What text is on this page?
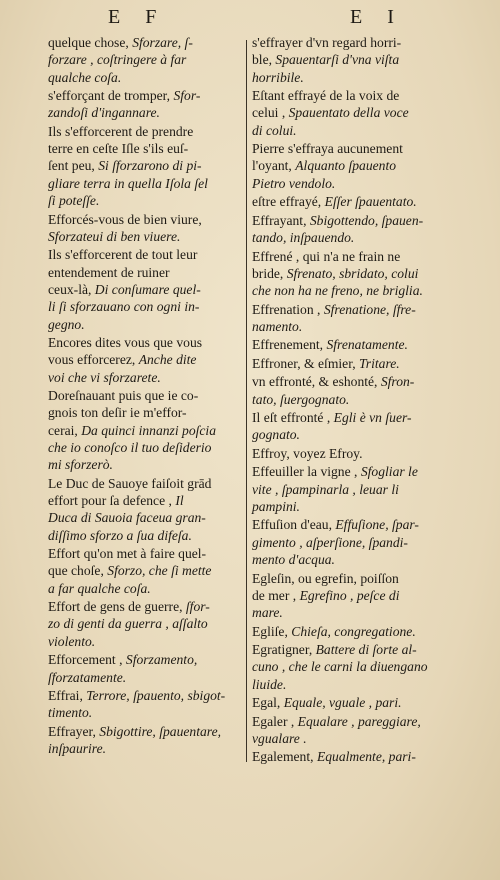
E F	E I
quelque chose, Sforzare, ſ-
forzare , coſtringere à far
qualche coſa.
s'efforçant de tromper, Sfor-
zandoſi d'ingannare.
Ils s'efforcerent de prendre
terre en ceſte Iſle s'ils euſ-
ſent peu, Si ſforzarono di pi-
gliare terra in quella Iſola ſel
ſi poteſſe.
Efforcés-vous de bien viure,
Sforzateui di ben viuere.
Ils s'efforcerent de tout leur
entendement de ruiner
ceux-là, Di conſumare quel-
li ſi sforzauano con ogni in-
gegno.
Encores dites vous que vous
vous efforcerez, Anche dite
voi che vi sforzarete.
Doreſnauant puis que ie co-
gnois ton deſir ie m'effor-
cerai, Da quinci innanzi poſcia
che io conoſco il tuo deſiderio
mi sforzerò.
Le Duc de Sauoye faiſoit grād
effort pour ſa defence , Il
Duca di Sauoia faceua gran-
diſſimo sforzo a ſua difeſa.
Effort qu'on met à faire quel-
que choſe, Sforzo, che ſi mette
a far qualche coſa.
Effort de gens de guerre, ſfor-
zo di genti da guerra , aſſalto
violento.
Efforcement , Sforzamento,
ſforzatamente.
Effrai, Terrore, ſpauento, sbigot-
timento.
Effrayer, Sbigottire, ſpauentare,
inſpaurire.
s'effrayer d'vn regard horri-
ble, Spauentarſi d'vna viſta
horribile.
Eſtant effrayé de la voix de
celui , Spauentato della voce
di colui.
Pierre s'effraya aucunement
l'oyant, Alquanto ſpauento
Pietro vendolo.
eſtre effrayé, Eſſer ſpauentato.
Effrayant, Sbigottendo, ſpauen-
tando, inſpauendo.
Effrené , qui n'a ne frain ne
bride, Sfrenato, sbridato, colui
che non ha ne freno, ne briglia.
Effrenation , Sfrenatione, ſfre-
namento.
Effrenement, Sfrenatamente.
Effroner, & eſmier, Tritare.
vn effronté, & eshonté, Sfron-
tato, ſuergognato.
Il eſt effronté , Egli è vn ſuer-
gognato.
Effroy, voyez Efroy.
Effeuiller la vigne , Sfogliar le
vite , ſpampinarla , leuar li
pampini.
Effuſion d'eau, Effuſione, ſpar-
gimento , aſperſione, ſpandi-
mento d'acqua.
Egleſin, ou egrefin, poiſſon
de mer , Egrefino , peſce di
mare.
Egliſe, Chieſa, congregatione.
Egratigner, Battere di ſorte al-
cuno , che le carni la diuengano
liuide.
Egal, Equale, vguale , pari.
Egaler , Equalare , pareggiare,
vgualare .
Egalement, Equalmente, pari-
